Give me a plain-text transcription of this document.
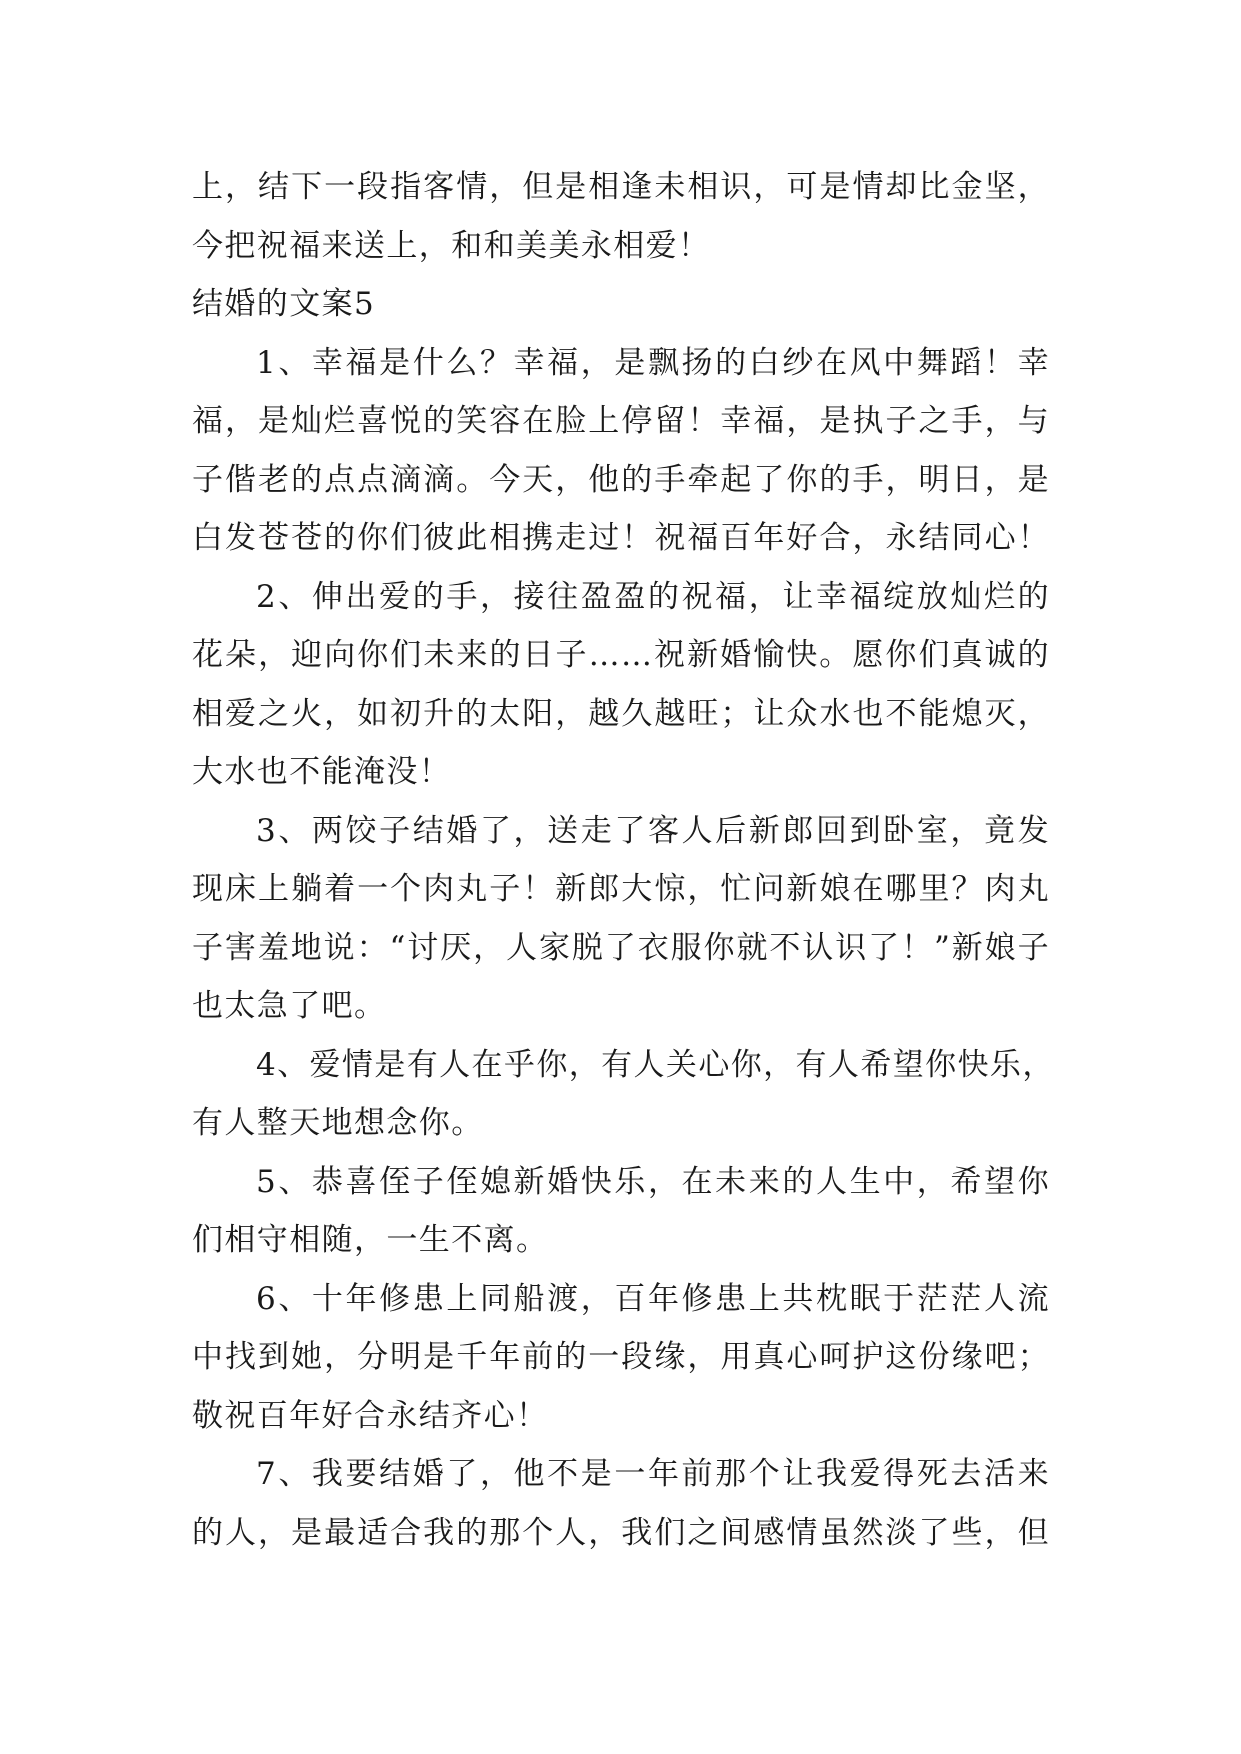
上，结下一段指客情，但是相逢未相识，可是情却比金坚，
今把祝福来送上，和和美美永相爱！
结婚的文案5
1、幸福是什么？幸福，是飘扬的白纱在风中舞蹈！幸
福，是灿烂喜悦的笑容在脸上停留！幸福，是执子之手，与
子偕老的点点滴滴。今天，他的手牵起了你的手，明日，是
白发苍苍的你们彼此相携走过！祝福百年好合，永结同心！
2、伸出爱的手，接往盈盈的祝福，让幸福绽放灿烂的
花朵，迎向你们未来的日子……祝新婚愉快。愿你们真诚的
相爱之火，如初升的太阳，越久越旺；让众水也不能熄灭，
大水也不能淹没！
3、两饺子结婚了，送走了客人后新郎回到卧室，竟发
现床上躺着一个肉丸子！新郎大惊，忙问新娘在哪里？肉丸
子害羞地说：“讨厌，人家脱了衣服你就不认识了！”新娘子
也太急了吧。
4、爱情是有人在乎你，有人关心你，有人希望你快乐，
有人整天地想念你。
5、恭喜侄子侄媳新婚快乐，在未来的人生中，希望你
们相守相随，一生不离。
6、十年修患上同船渡，百年修患上共枕眠于茫茫人流
中找到她，分明是千年前的一段缘，用真心呵护这份缘吧；
敬祝百年好合永结齐心！
7、我要结婚了，他不是一年前那个让我爱得死去活来
的人，是最适合我的那个人，我们之间感情虽然淡了些，但
